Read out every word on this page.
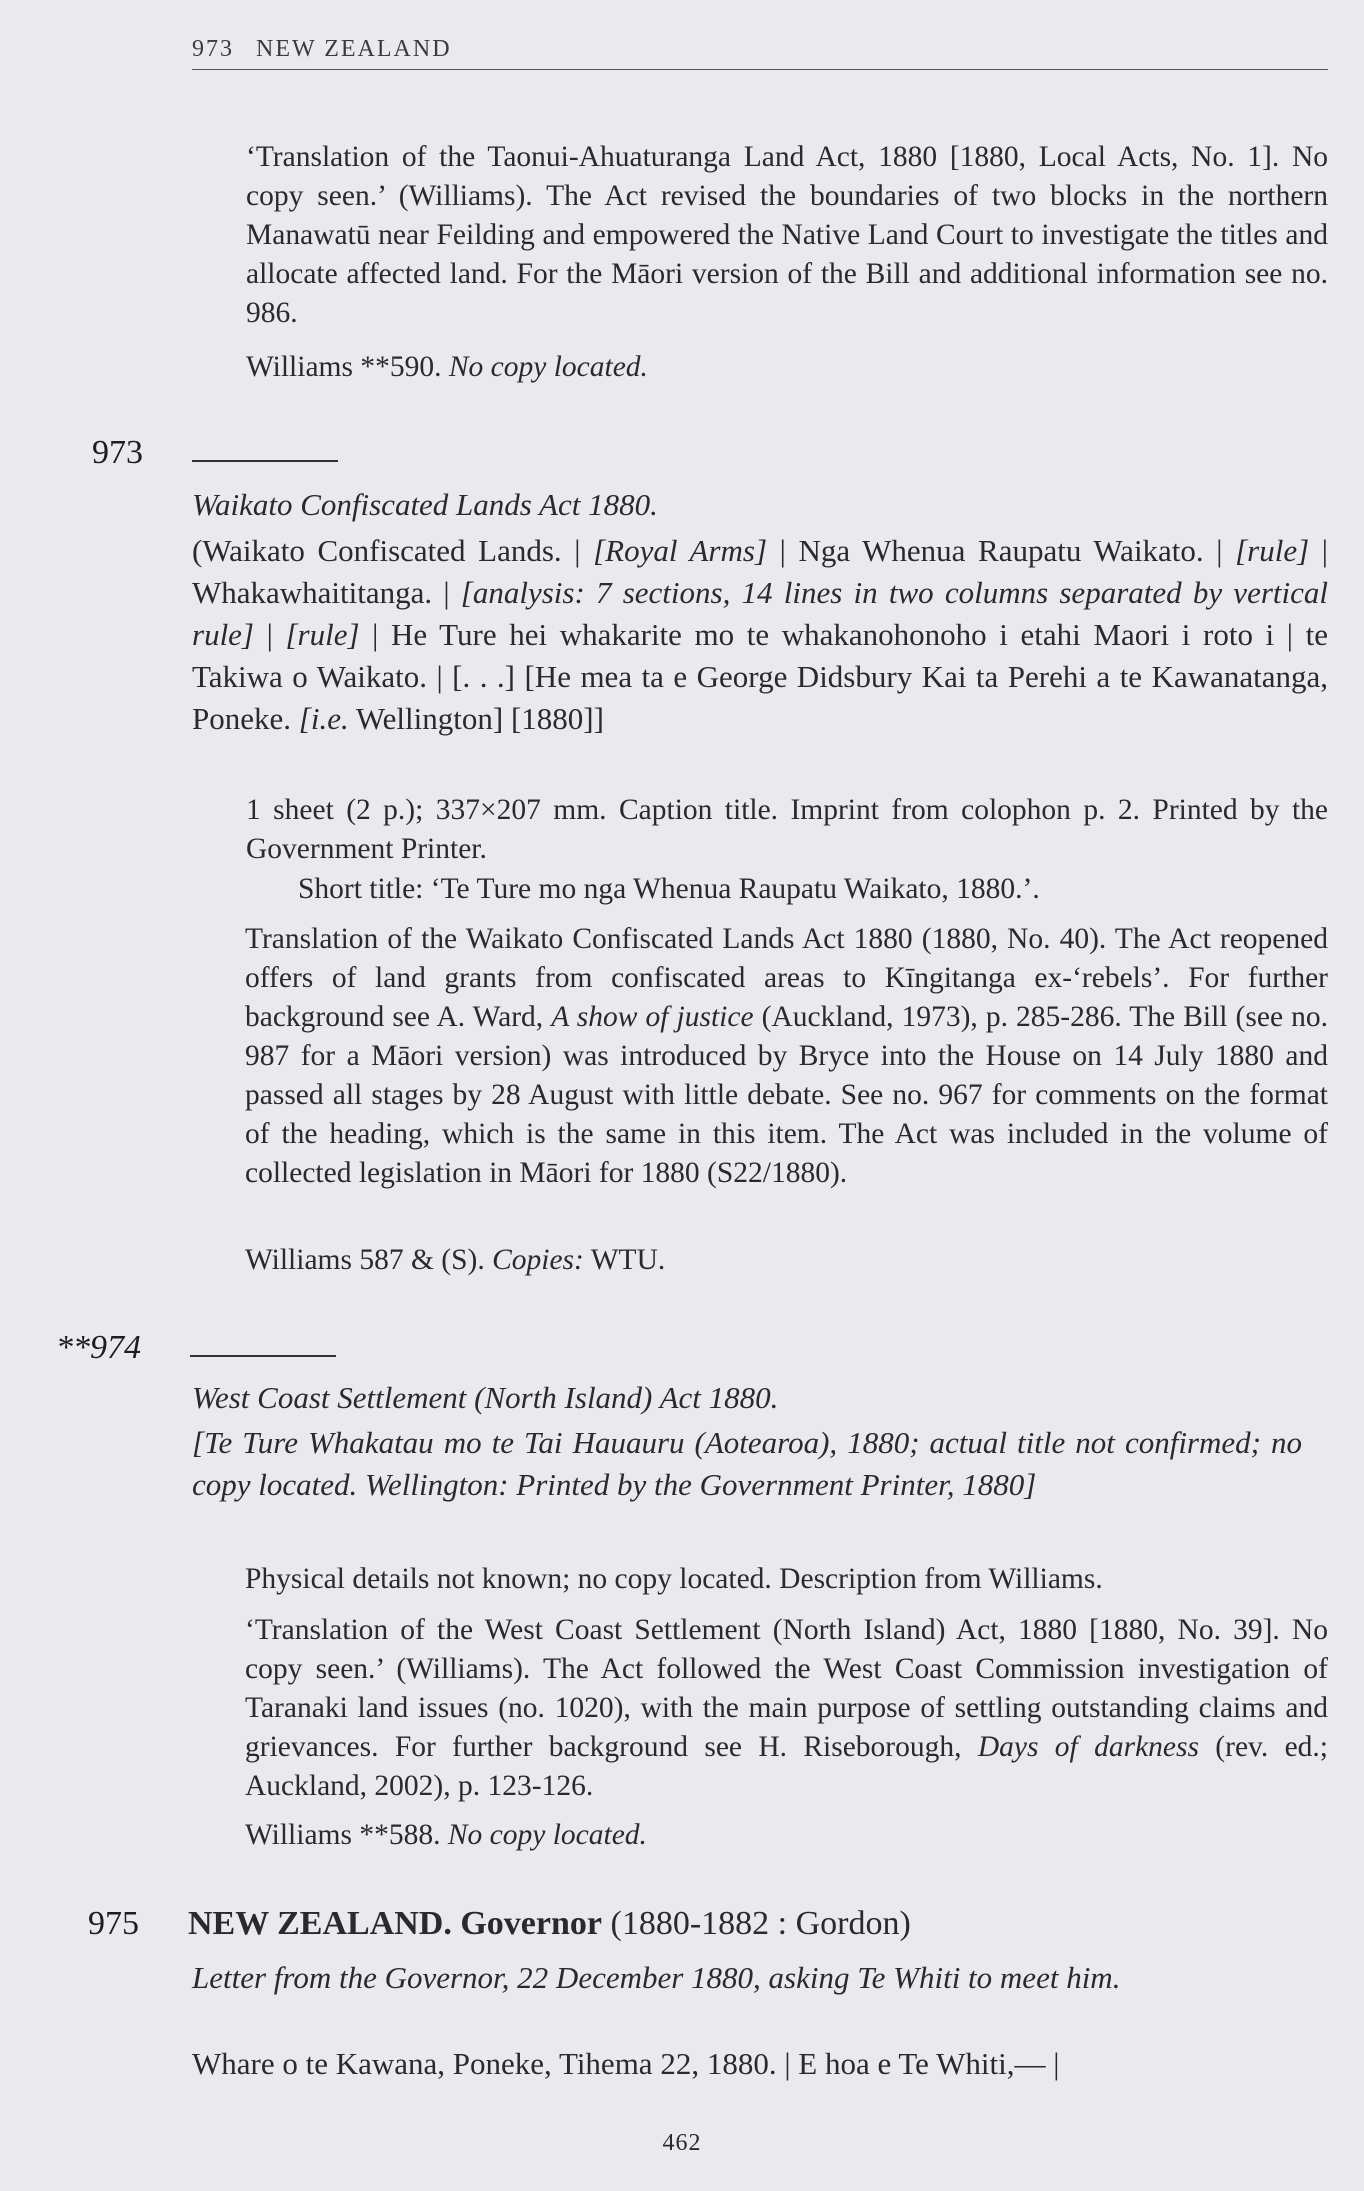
973 NEW ZEALAND
‘Translation of the Taonui-Ahuaturanga Land Act, 1880 [1880, Local Acts, No. 1]. No copy seen.’ (Williams). The Act revised the boundaries of two blocks in the northern Manawatū near Feilding and empowered the Native Land Court to investigate the titles and allocate affected land. For the Māori version of the Bill and additional information see no. 986.
Williams **590. No copy located.
973
Waikato Confiscated Lands Act 1880.
(Waikato Confiscated Lands. | [Royal Arms] | Nga Whenua Raupatu Waikato. | [rule] | Whakawhaititanga. | [analysis: 7 sections, 14 lines in two columns separated by vertical rule] | [rule] | He Ture hei whakarite mo te whakanohonoho i etahi Maori i roto i | te Takiwa o Waikato. | [. . .] [He mea ta e George Didsbury Kai ta Perehi a te Kawanatanga, Poneke. [i.e. Wellington] [1880]]
1 sheet (2 p.); 337×207 mm. Caption title. Imprint from colophon p. 2. Printed by the Government Printer.
Short title: ‘Te Ture mo nga Whenua Raupatu Waikato, 1880.’.
Translation of the Waikato Confiscated Lands Act 1880 (1880, No. 40). The Act reopened offers of land grants from confiscated areas to Kīngitanga ex-‘rebels’. For further background see A. Ward, A show of justice (Auckland, 1973), p. 285-286. The Bill (see no. 987 for a Māori version) was introduced by Bryce into the House on 14 July 1880 and passed all stages by 28 August with little debate. See no. 967 for comments on the format of the heading, which is the same in this item. The Act was included in the volume of collected legislation in Māori for 1880 (S22/1880).
Williams 587 & (S). Copies: WTU.
**974
West Coast Settlement (North Island) Act 1880.
[Te Ture Whakatau mo te Tai Hauauru (Aotearoa), 1880; actual title not confirmed; no copy located. Wellington: Printed by the Government Printer, 1880]
Physical details not known; no copy located. Description from Williams.
‘Translation of the West Coast Settlement (North Island) Act, 1880 [1880, No. 39]. No copy seen.’ (Williams). The Act followed the West Coast Commission investigation of Taranaki land issues (no. 1020), with the main purpose of settling outstanding claims and grievances. For further background see H. Riseborough, Days of darkness (rev. ed.; Auckland, 2002), p. 123-126.
Williams **588. No copy located.
975 NEW ZEALAND. Governor (1880-1882 : Gordon)
Letter from the Governor, 22 December 1880, asking Te Whiti to meet him.
Whare o te Kawana, Poneke, Tihema 22, 1880. | E hoa e Te Whiti,— |
462
